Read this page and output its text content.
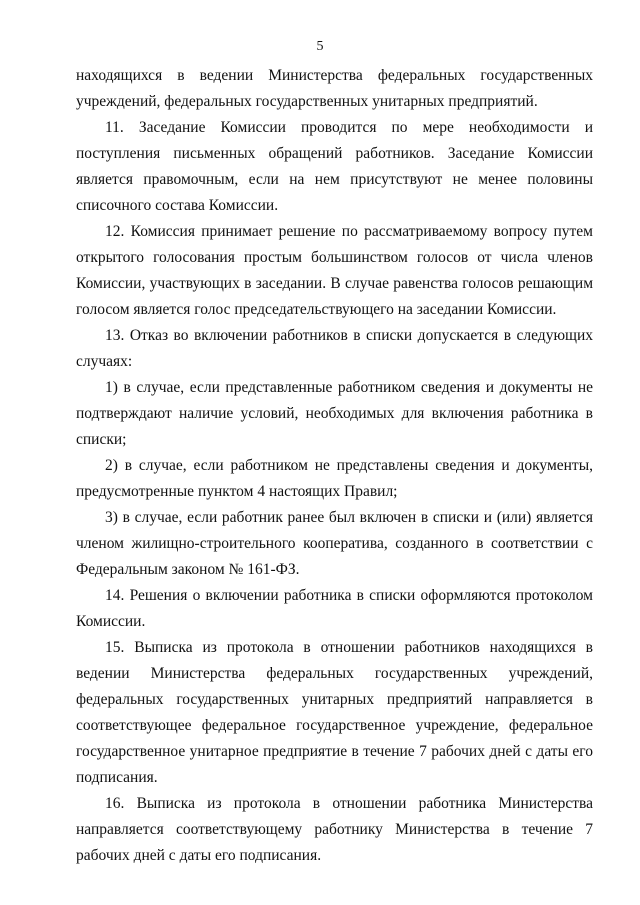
5

находящихся в ведении Министерства федеральных государственных учреждений, федеральных государственных унитарных предприятий.

11. Заседание Комиссии проводится по мере необходимости и поступления письменных обращений работников. Заседание Комиссии является правомочным, если на нем присутствуют не менее половины списочного состава Комиссии.

12. Комиссия принимает решение по рассматриваемому вопросу путем открытого голосования простым большинством голосов от числа членов Комиссии, участвующих в заседании. В случае равенства голосов решающим голосом является голос председательствующего на заседании Комиссии.

13. Отказ во включении работников в списки допускается в следующих случаях:

1) в случае, если представленные работником сведения и документы не подтверждают наличие условий, необходимых для включения работника в списки;

2) в случае, если работником не представлены сведения и документы, предусмотренные пунктом 4 настоящих Правил;

3) в случае, если работник ранее был включен в списки и (или) является членом жилищно-строительного кооператива, созданного в соответствии с Федеральным законом № 161-ФЗ.

14. Решения о включении работника в списки оформляются протоколом Комиссии.

15. Выписка из протокола в отношении работников находящихся в ведении Министерства федеральных государственных учреждений, федеральных государственных унитарных предприятий направляется в соответствующее федеральное государственное учреждение, федеральное государственное унитарное предприятие в течение 7 рабочих дней с даты его подписания.

16. Выписка из протокола в отношении работника Министерства направляется соответствующему работнику Министерства в течение 7 рабочих дней с даты его подписания.
